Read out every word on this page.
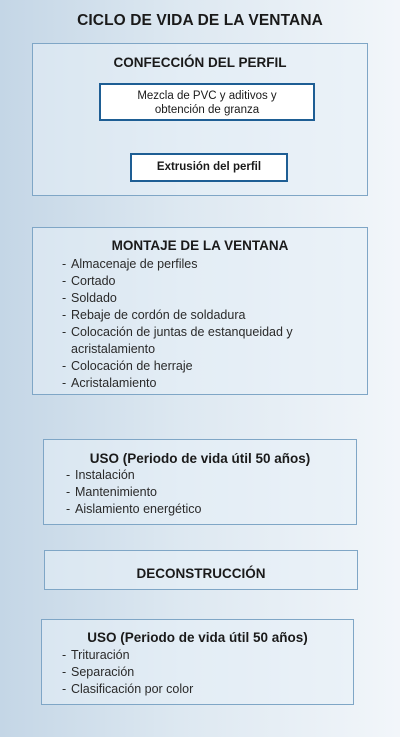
CICLO DE VIDA DE LA VENTANA
CONFECCIÓN DEL PERFIL
Mezcla de PVC y aditivos y
obtención de granza
Extrusión del perfil
MONTAJE DE LA VENTANA
- Almacenaje de perfiles
- Cortado
- Soldado
- Rebaje de cordón de soldadura
- Colocación de juntas de estanqueidad y
acristalamiento
- Colocación de herraje
- Acristalamiento
USO (Periodo de vida útil 50 años)
- Instalación
- Mantenimiento
- Aislamiento energético
DECONSTRUCCIÓN
USO (Periodo de vida útil 50 años)
- Trituración
- Separación
- Clasificación por color
